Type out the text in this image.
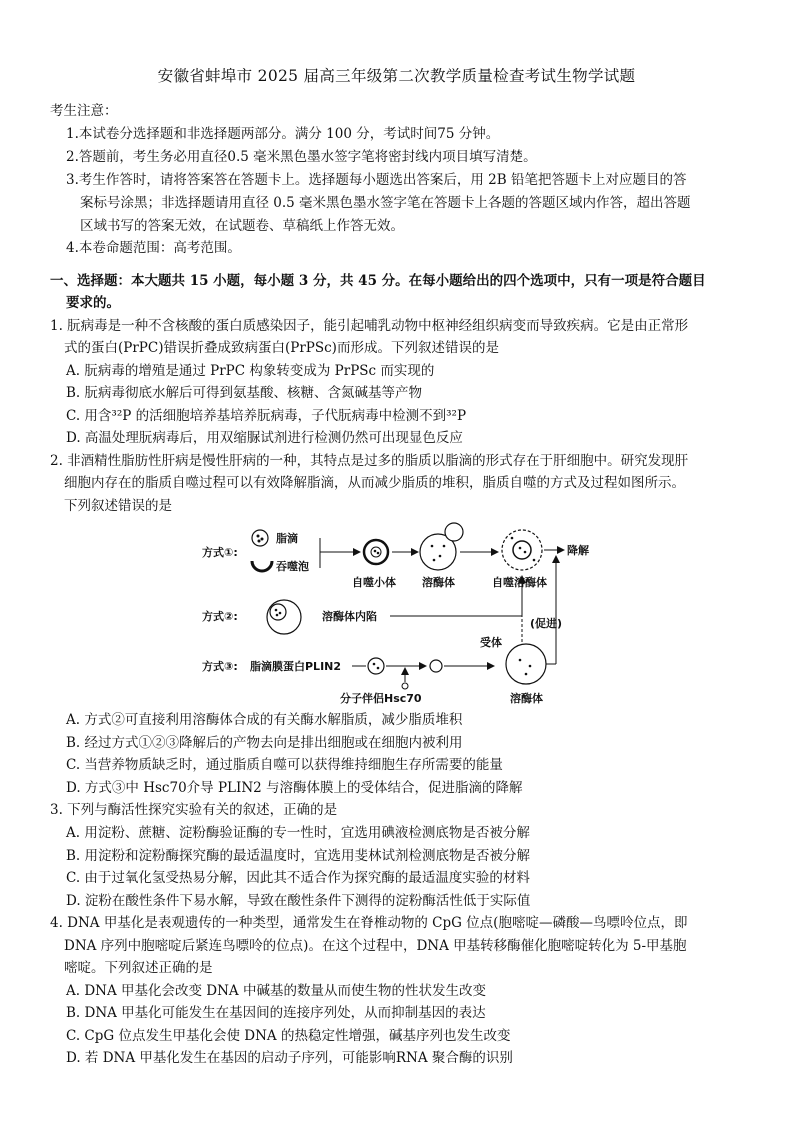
安徽省蚌埠市 2025 届高三年级第二次教学质量检查考试生物学试题
考生注意：
1.本试卷分选择题和非选择题两部分。满分 100 分，考试时间75 分钟。
2.答题前，考生务必用直径0.5 毫米黑色墨水签字笔将密封线内项目填写清楚。
3.考生作答时，请将答案答在答题卡上。选择题每小题选出答案后，用 2B 铅笔把答题卡上对应题目的答
案标号涂黑；非选择题请用直径 0.5 毫米黑色墨水签字笔在答题卡上各题的答题区域内作答，超出答题
区域书写的答案无效，在试题卷、草稿纸上作答无效。
4.本卷命题范围：高考范围。
一、选择题：本大题共 15 小题，每小题 3 分，共 45 分。在每小题给出的四个选项中，只有一项是符合题目
要求的。
1. 朊病毒是一种不含核酸的蛋白质感染因子，能引起哺乳动物中枢神经组织病变而导致疾病。它是由正常形
式的蛋白(PrPC)错误折叠成致病蛋白(PrPSc)而形成。下列叙述错误的是
A. 朊病毒的增殖是通过 PrPC 构象转变成为 PrPSc 而实现的
B. 朊病毒彻底水解后可得到氨基酸、核糖、含氮碱基等产物
C. 用含³²P 的活细胞培养基培养朊病毒，子代朊病毒中检测不到³²P
D. 高温处理朊病毒后，用双缩脲试剂进行检测仍然可出现显色反应
2. 非酒精性脂肪性肝病是慢性肝病的一种，其特点是过多的脂质以脂滴的形式存在于肝细胞中。研究发现肝
细胞内存在的脂质自噬过程可以有效降解脂滴，从而减少脂质的堆积，脂质自噬的方式及过程如图所示。
下列叙述错误的是
方式①:
脂滴
吞噬泡
自噬小体 溶酶体	自噬溶酶体
降解
方式②:	溶酶体内陷
(促进)
方式③: 脂滴膜蛋白PLIN2
分子伴侣Hsc70
受体
溶酶体
A. 方式②可直接利用溶酶体合成的有关酶水解脂质，减少脂质堆积
B. 经过方式①②③降解后的产物去向是排出细胞或在细胞内被利用
C. 当营养物质缺乏时，通过脂质自噬可以获得维持细胞生存所需要的能量
D. 方式③中 Hsc70介导 PLIN2 与溶酶体膜上的受体结合，促进脂滴的降解
3. 下列与酶活性探究实验有关的叙述，正确的是
A. 用淀粉、蔗糖、淀粉酶验证酶的专一性时，宜选用碘液检测底物是否被分解
B. 用淀粉和淀粉酶探究酶的最适温度时，宜选用斐林试剂检测底物是否被分解
C. 由于过氧化氢受热易分解，因此其不适合作为探究酶的最适温度实验的材料
D. 淀粉在酸性条件下易水解，导致在酸性条件下测得的淀粉酶活性低于实际值
4. DNA 甲基化是表观遗传的一种类型，通常发生在脊椎动物的 CpG 位点(胞嘧啶—磷酸—鸟嘌呤位点，即
DNA 序列中胞嘧啶后紧连鸟嘌呤的位点)。在这个过程中，DNA 甲基转移酶催化胞嘧啶转化为 5-甲基胞
嘧啶。下列叙述正确的是
A. DNA 甲基化会改变 DNA 中碱基的数量从而使生物的性状发生改变
B. DNA 甲基化可能发生在基因间的连接序列处，从而抑制基因的表达
C. CpG 位点发生甲基化会使 DNA 的热稳定性增强，碱基序列也发生改变
D. 若 DNA 甲基化发生在基因的启动子序列，可能影响RNA 聚合酶的识别
